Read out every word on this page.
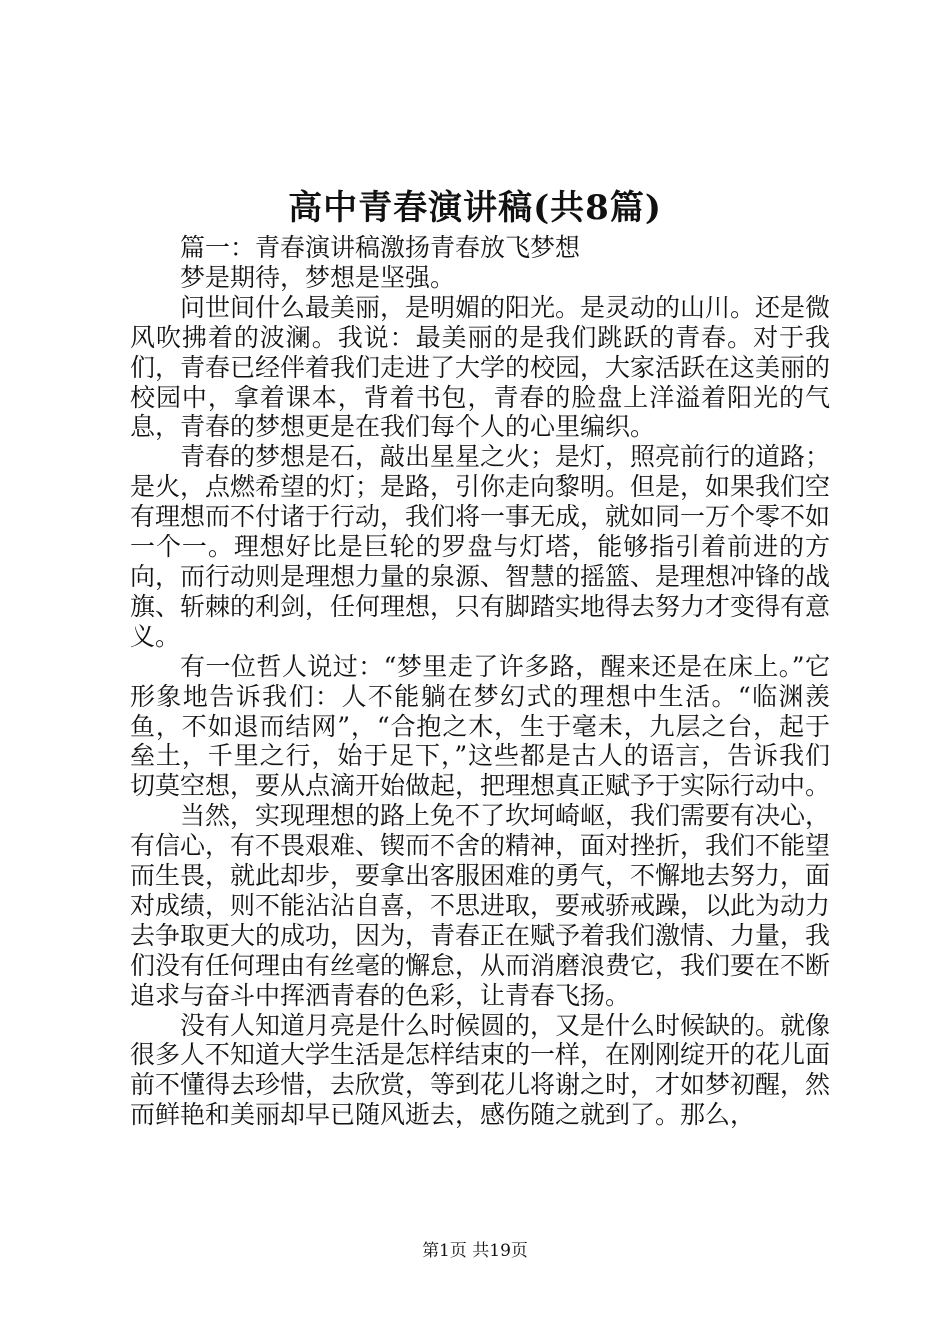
高中青春演讲稿(共8篇)

篇一：青春演讲稿激扬青春放飞梦想

梦是期待，梦想是坚强。

问世间什么最美丽，是明媚的阳光。是灵动的山川。还是微风吹拂着的波澜。我说：最美丽的是我们跳跃的青春。对于我们，青春已经伴着我们走进了大学的校园，大家活跃在这美丽的校园中，拿着课本，背着书包，青春的脸盘上洋溢着阳光的气息，青春的梦想更是在我们每个人的心里编织。

青春的梦想是石，敲出星星之火；是灯，照亮前行的道路；是火，点燃希望的灯；是路，引你走向黎明。但是，如果我们空有理想而不付诸于行动，我们将一事无成，就如同一万个零不如一个一。理想好比是巨轮的罗盘与灯塔，能够指引着前进的方向，而行动则是理想力量的泉源、智慧的摇篮、是理想冲锋的战旗、斩棘的利剑，任何理想，只有脚踏实地得去努力才变得有意义。

有一位哲人说过：“梦里走了许多路，醒来还是在床上。”它形象地告诉我们：人不能躺在梦幻式的理想中生活。“临渊羡鱼，不如退而结网”，“合抱之木，生于毫未，九层之台，起于垒土，千里之行，始于足下，”这些都是古人的语言，告诉我们切莫空想，要从点滴开始做起，把理想真正赋予于实际行动中。

当然，实现理想的路上免不了坎坷崎岖，我们需要有决心，有信心，有不畏艰难、锲而不舍的精神，面对挫折，我们不能望而生畏，就此却步，要拿出客服困难的勇气，不懈地去努力，面对成绩，则不能沾沾自喜，不思进取，要戒骄戒躁，以此为动力去争取更大的成功，因为，青春正在赋予着我们激情、力量，我们没有任何理由有丝毫的懈怠，从而消磨浪费它，我们要在不断追求与奋斗中挥洒青春的色彩，让青春飞扬。

没有人知道月亮是什么时候圆的，又是什么时候缺的。就像很多人不知道大学生活是怎样结束的一样，在刚刚绽开的花儿面前不懂得去珍惜，去欣赏，等到花儿将谢之时，才如梦初醒，然而鲜艳和美丽却早已随风逝去，感伤随之就到了。那么，

第1页 共19页
